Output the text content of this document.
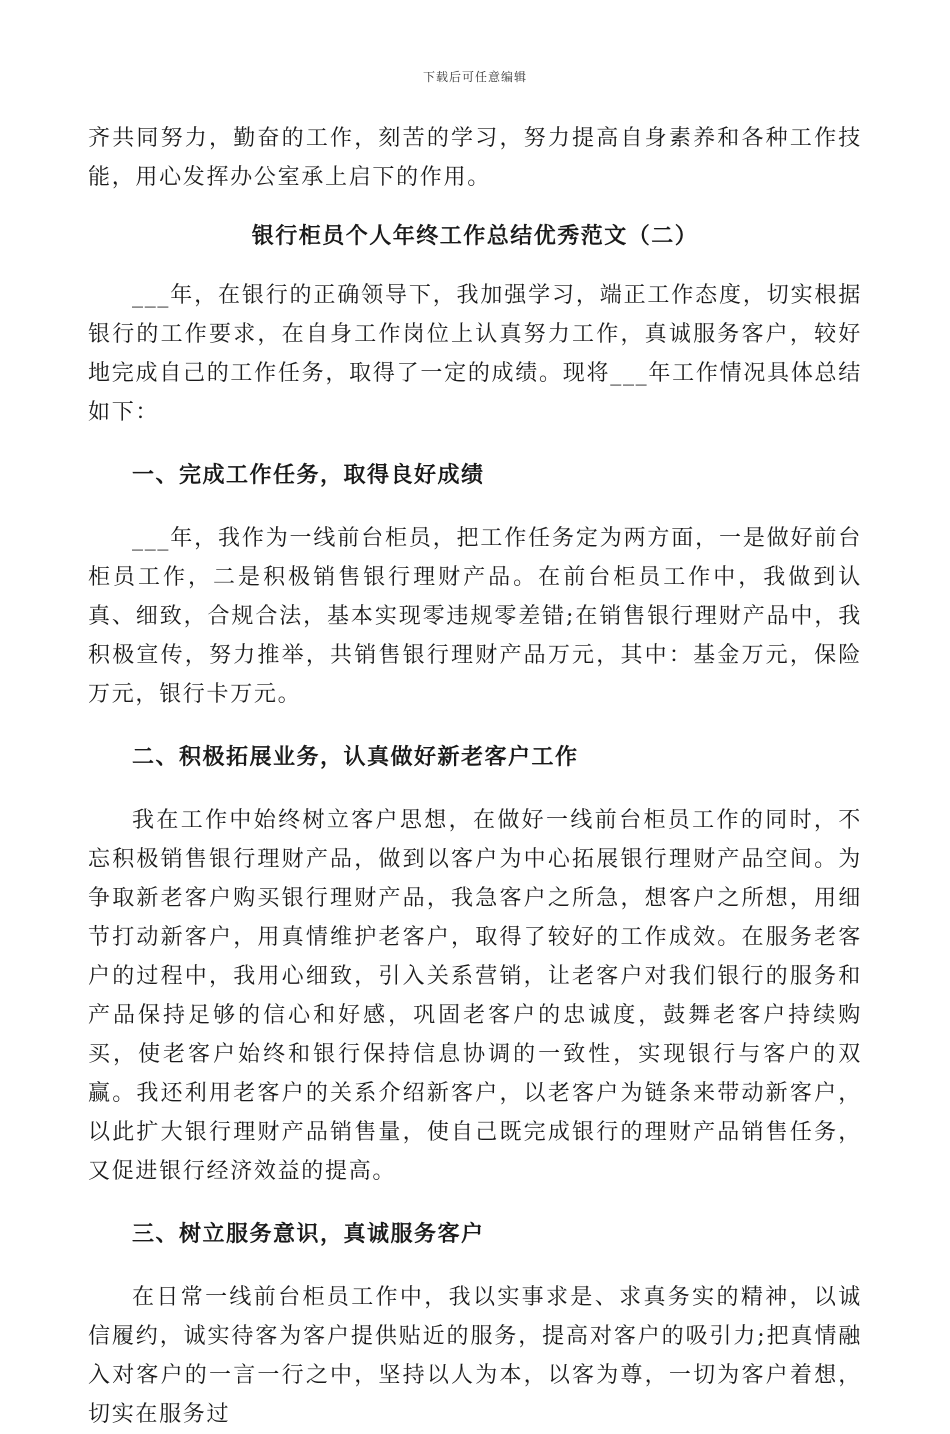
下载后可任意编辑

齐共同努力，勤奋的工作，刻苦的学习，努力提高自身素养和各种工作技能，用心发挥办公室承上启下的作用。

银行柜员个人年终工作总结优秀范文（二）

___年，在银行的正确领导下，我加强学习，端正工作态度，切实根据银行的工作要求，在自身工作岗位上认真努力工作，真诚服务客户，较好地完成自己的工作任务，取得了一定的成绩。现将___年工作情况具体总结如下：

一、完成工作任务，取得良好成绩

___年，我作为一线前台柜员，把工作任务定为两方面，一是做好前台柜员工作，二是积极销售银行理财产品。在前台柜员工作中，我做到认真、细致，合规合法，基本实现零违规零差错;在销售银行理财产品中，我积极宣传，努力推举，共销售银行理财产品万元，其中：基金万元，保险万元，银行卡万元。

二、积极拓展业务，认真做好新老客户工作

我在工作中始终树立客户思想，在做好一线前台柜员工作的同时，不忘积极销售银行理财产品，做到以客户为中心拓展银行理财产品空间。为争取新老客户购买银行理财产品，我急客户之所急，想客户之所想，用细节打动新客户，用真情维护老客户，取得了较好的工作成效。在服务老客户的过程中，我用心细致，引入关系营销，让老客户对我们银行的服务和产品保持足够的信心和好感，巩固老客户的忠诚度，鼓舞老客户持续购买，使老客户始终和银行保持信息协调的一致性，实现银行与客户的双赢。我还利用老客户的关系介绍新客户，以老客户为链条来带动新客户，以此扩大银行理财产品销售量，使自己既完成银行的理财产品销售任务，又促进银行经济效益的提高。

三、树立服务意识，真诚服务客户

在日常一线前台柜员工作中，我以实事求是、求真务实的精神，以诚信履约，诚实待客为客户提供贴近的服务，提高对客户的吸引力;把真情融入对客户的一言一行之中，坚持以人为本，以客为尊，一切为客户着想，切实在服务过
